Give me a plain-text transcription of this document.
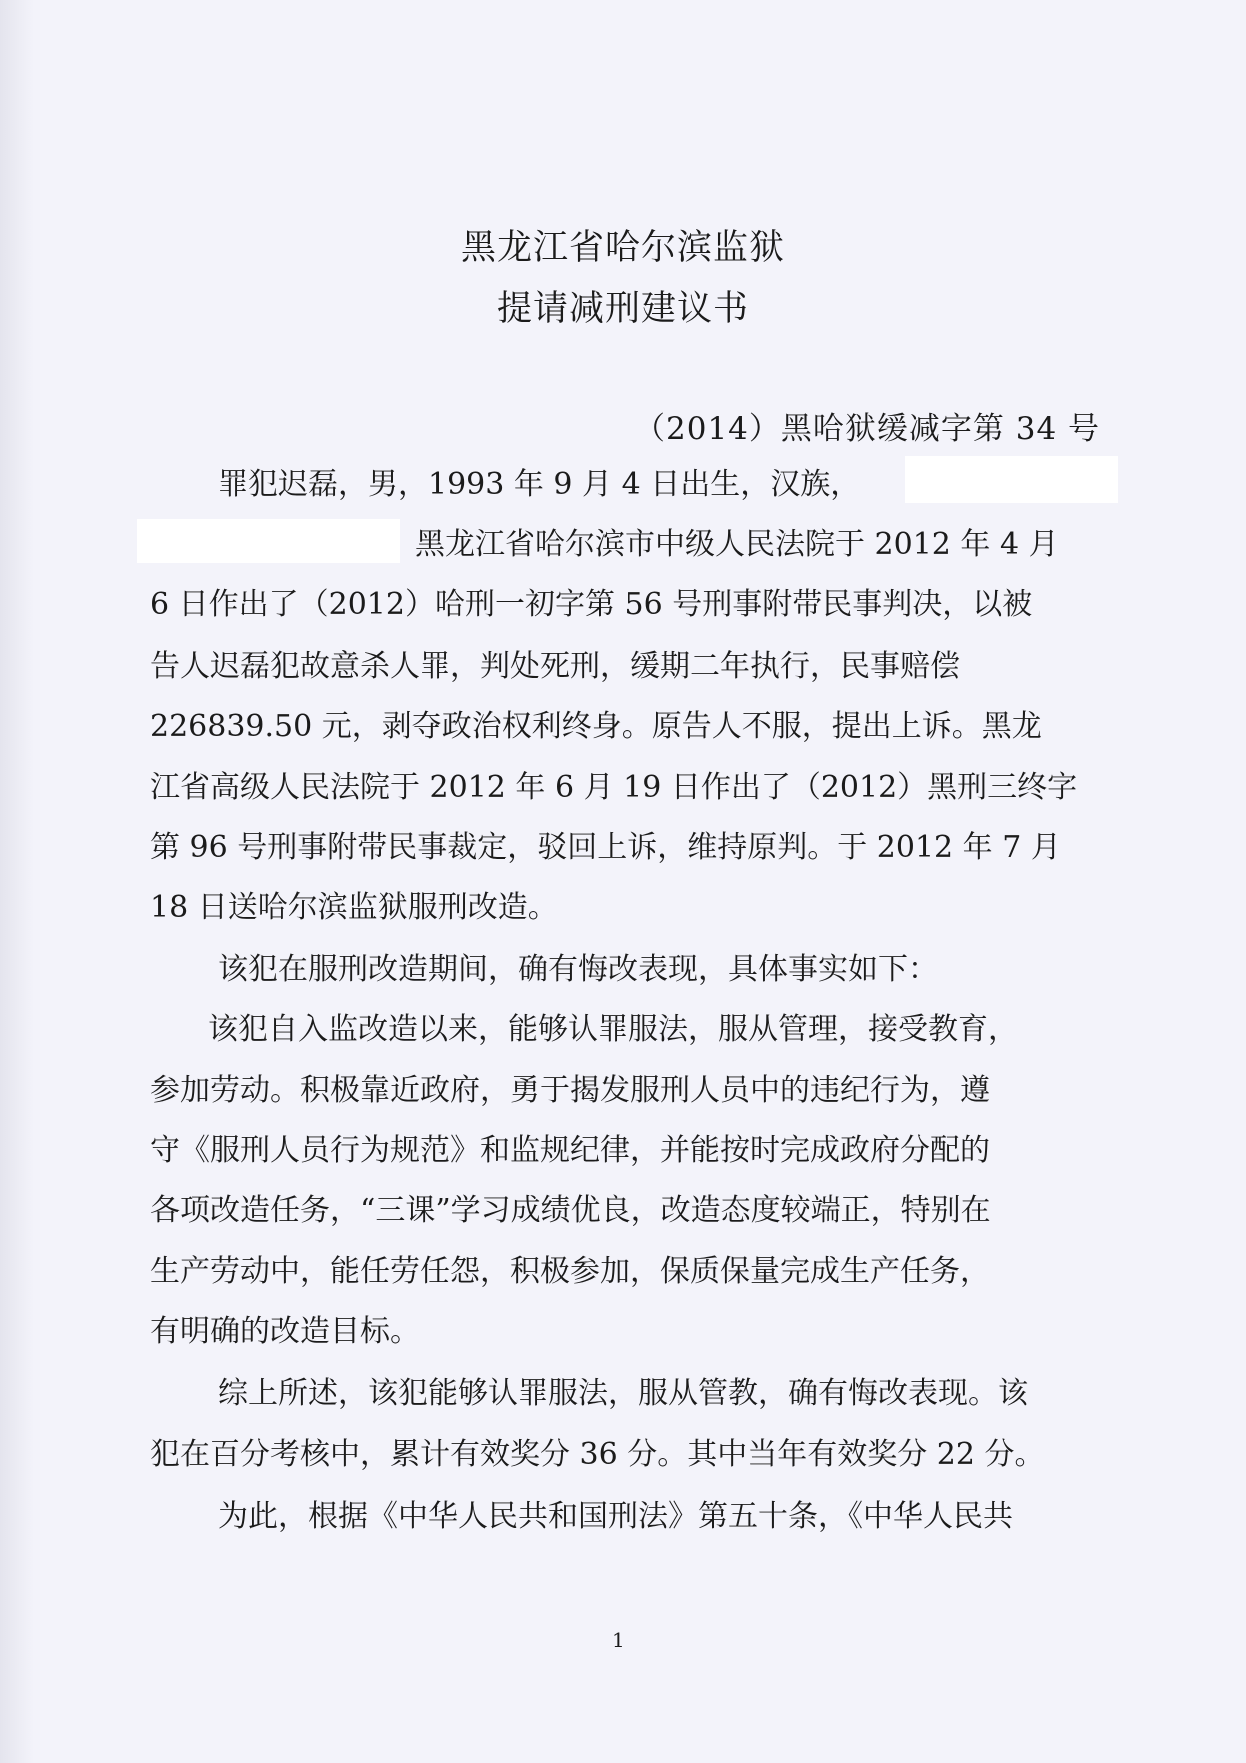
黑龙江省哈尔滨监狱
提请减刑建议书
（2014）黑哈狱缓减字第 34 号
罪犯迟磊，男，1993 年 9 月 4 日出生，汉族，
黑龙江省哈尔滨市中级人民法院于 2012 年 4 月
6 日作出了（2012）哈刑一初字第 56 号刑事附带民事判决，以被
告人迟磊犯故意杀人罪，判处死刑，缓期二年执行，民事赔偿
226839.50 元，剥夺政治权利终身。原告人不服，提出上诉。黑龙
江省高级人民法院于 2012 年 6 月 19 日作出了（2012）黑刑三终字
第 96 号刑事附带民事裁定，驳回上诉，维持原判。于 2012 年 7 月
18 日送哈尔滨监狱服刑改造。
该犯在服刑改造期间，确有悔改表现，具体事实如下：
该犯自入监改造以来，能够认罪服法，服从管理，接受教育，
参加劳动。积极靠近政府，勇于揭发服刑人员中的违纪行为，遵
守《服刑人员行为规范》和监规纪律，并能按时完成政府分配的
各项改造任务，“三课”学习成绩优良，改造态度较端正，特别在
生产劳动中，能任劳任怨，积极参加，保质保量完成生产任务，
有明确的改造目标。
综上所述，该犯能够认罪服法，服从管教，确有悔改表现。该
犯在百分考核中，累计有效奖分 36 分。其中当年有效奖分 22 分。
为此，根据《中华人民共和国刑法》第五十条，《中华人民共
1
